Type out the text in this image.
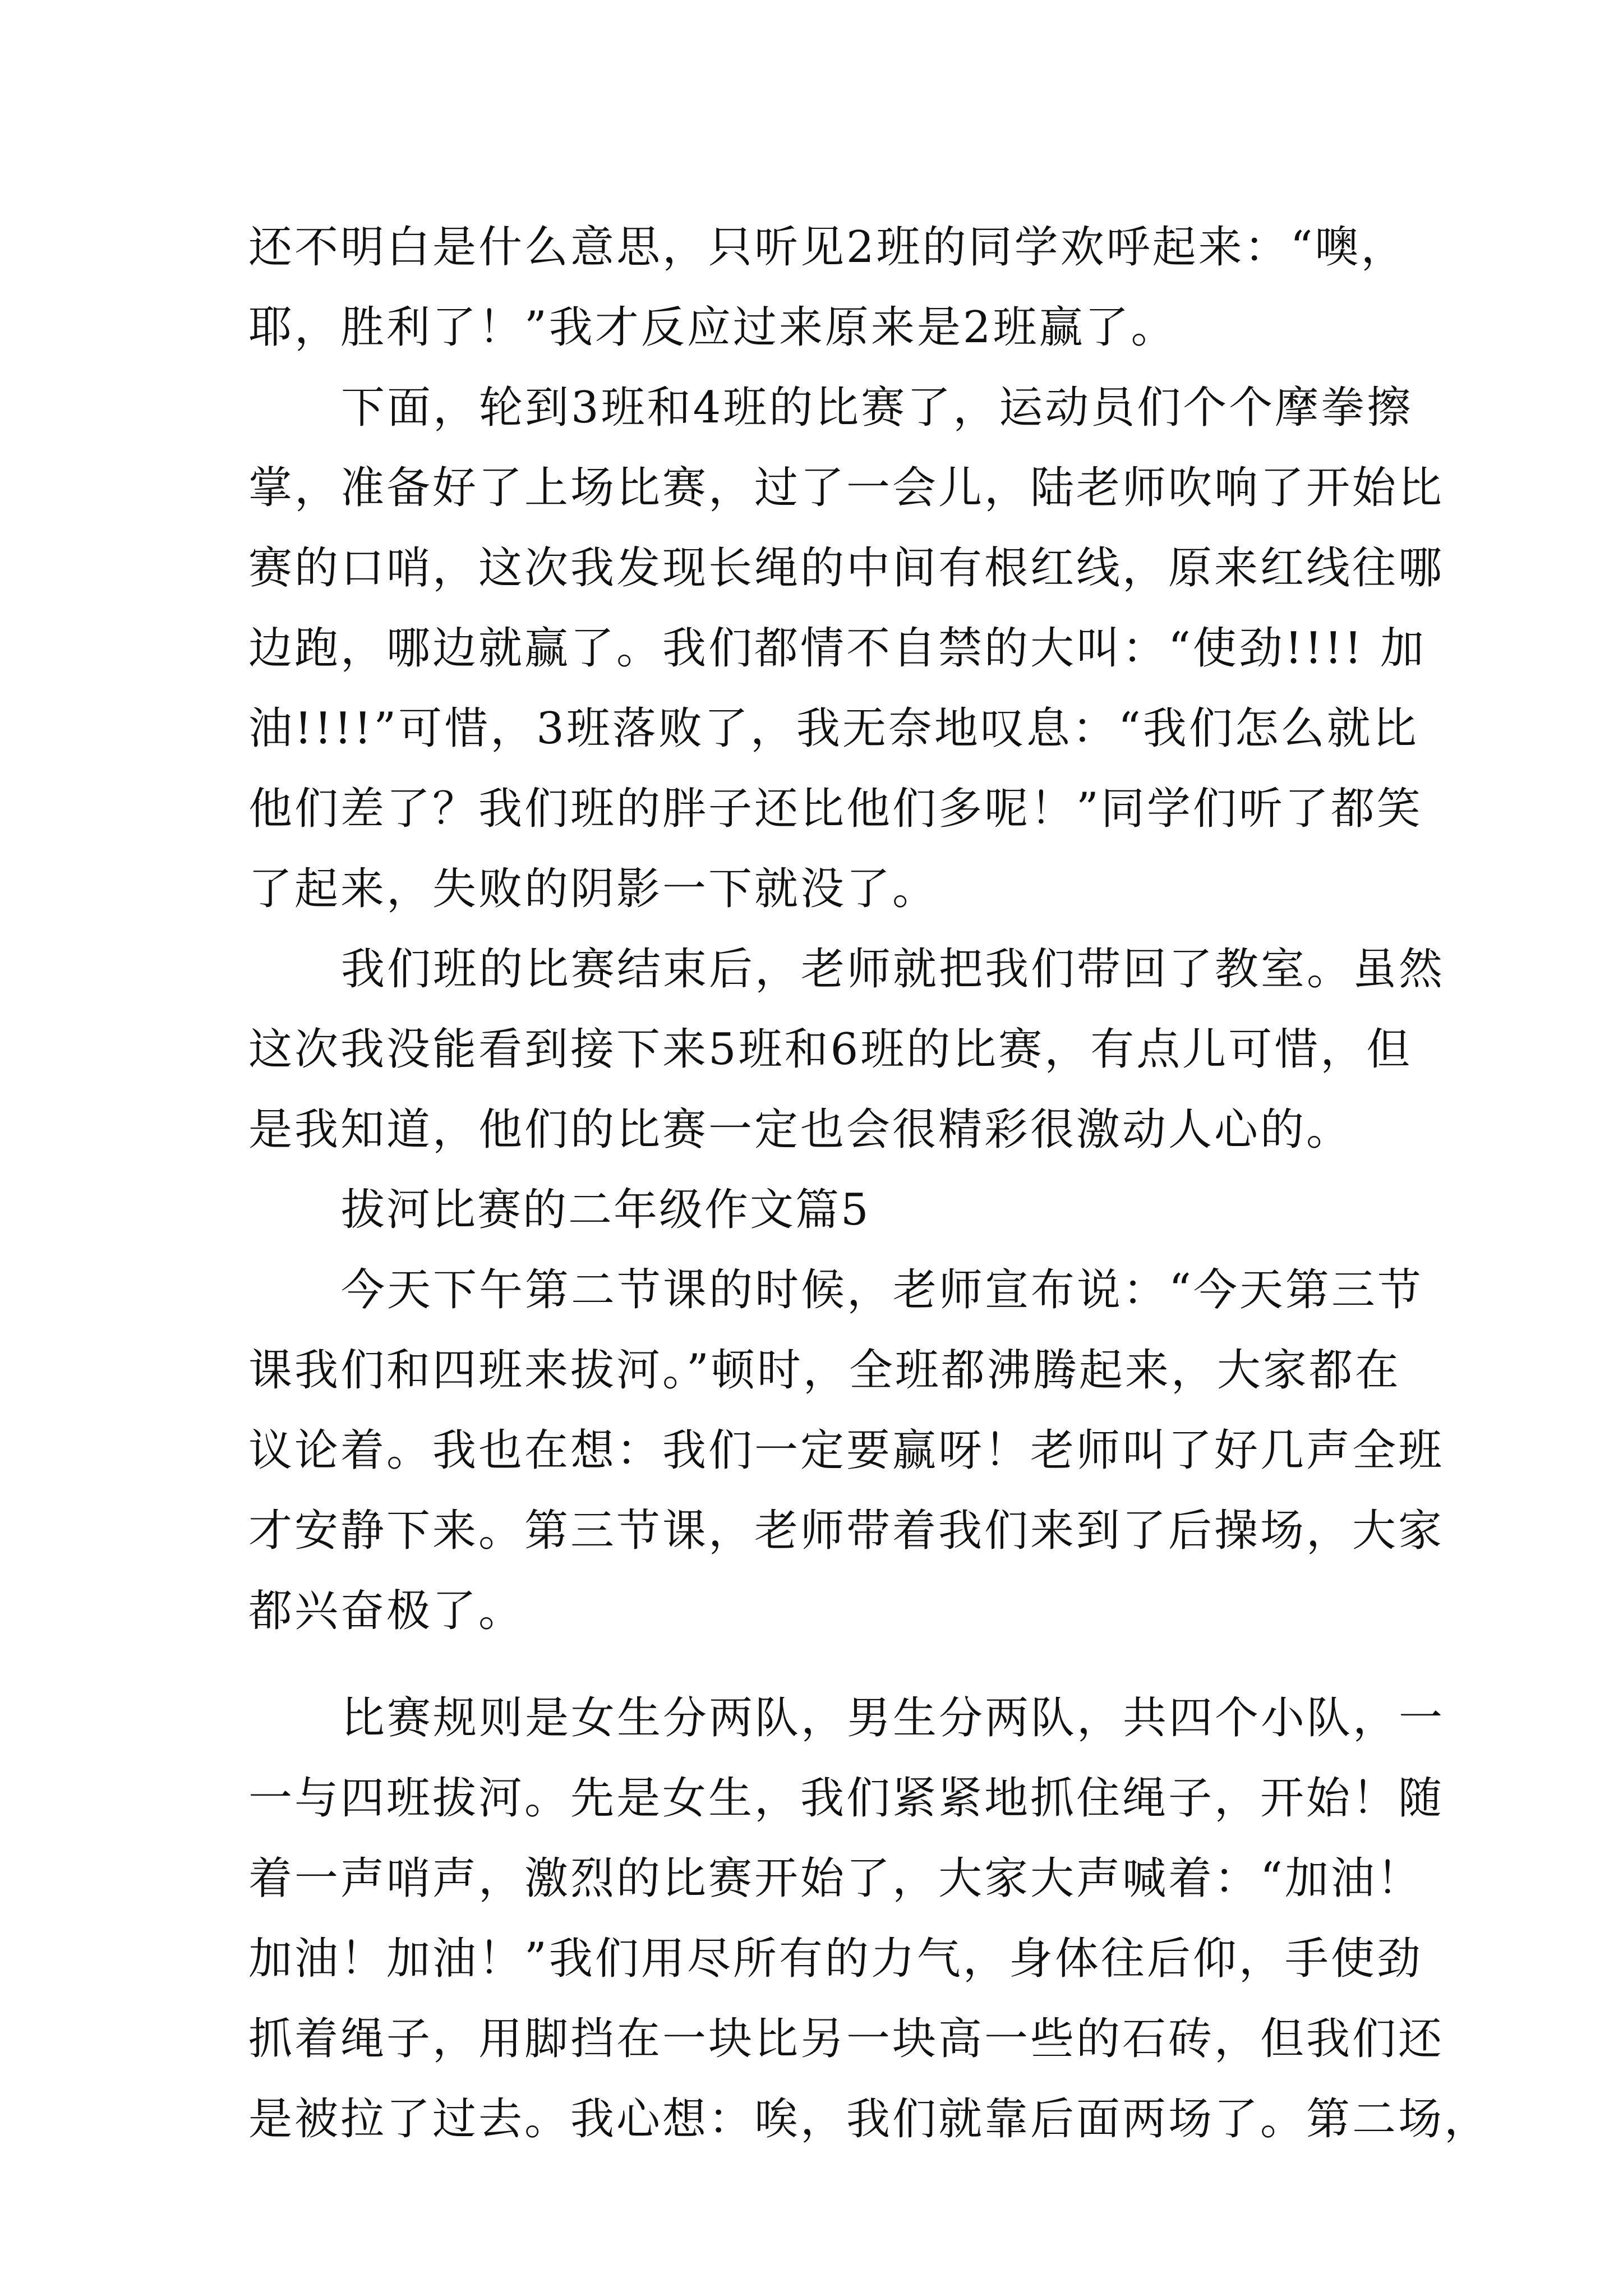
还不明白是什么意思，只听见2班的同学欢呼起来：“噢，
耶，胜利了！”我才反应过来原来是2班赢了。
下面，轮到3班和4班的比赛了，运动员们个个摩拳擦
掌，准备好了上场比赛，过了一会儿，陆老师吹响了开始比
赛的口哨，这次我发现长绳的中间有根红线，原来红线往哪
边跑，哪边就赢了。我们都情不自禁的大叫：“使劲!!!! 加
油!!!!”可惜，3班落败了，我无奈地叹息：“我们怎么就比
他们差了？我们班的胖子还比他们多呢！”同学们听了都笑
了起来，失败的阴影一下就没了。
我们班的比赛结束后，老师就把我们带回了教室。虽然
这次我没能看到接下来5班和6班的比赛，有点儿可惜，但
是我知道，他们的比赛一定也会很精彩很激动人心的。
拔河比赛的二年级作文篇5
今天下午第二节课的时候，老师宣布说：“今天第三节
课我们和四班来拔河。”顿时，全班都沸腾起来，大家都在
议论着。我也在想：我们一定要赢呀！老师叫了好几声全班
才安静下来。第三节课，老师带着我们来到了后操场，大家
都兴奋极了。
比赛规则是女生分两队，男生分两队，共四个小队，一
一与四班拔河。先是女生，我们紧紧地抓住绳子，开始！随
着一声哨声，激烈的比赛开始了，大家大声喊着：“加油！
加油！加油！”我们用尽所有的力气，身体往后仰，手使劲
抓着绳子，用脚挡在一块比另一块高一些的石砖，但我们还
是被拉了过去。我心想：唉，我们就靠后面两场了。第二场，
